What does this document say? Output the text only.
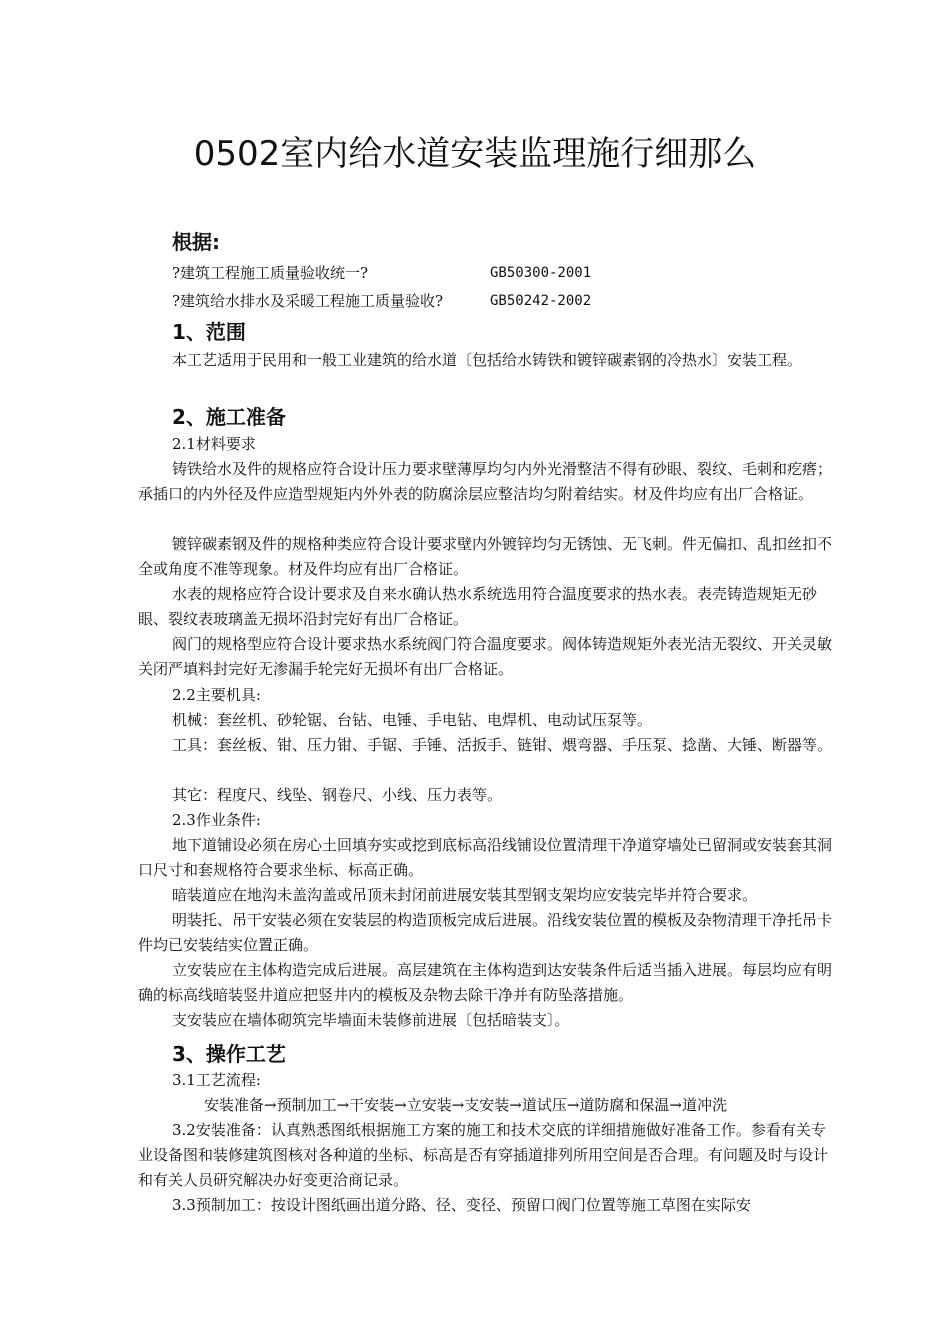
0502室内给水道安装监理施行细那么
根据:
?建筑工程施工质量验收统一?	GB50300-2001
?建筑给水排水及采暖工程施工质量验收?	GB50242-2002
1、范围
本工艺适用于民用和一般工业建筑的给水道〔包括给水铸铁和镀锌碳素钢的冷热水〕安装工程。
2、施工准备
2.1材料要求
铸铁给水及件的规格应符合设计压力要求壁薄厚均匀内外光滑整洁不得有砂眼、裂纹、毛刺和疙瘩；承插口的内外径及件应造型规矩内外外表的防腐涂层应整洁均匀附着结实。材及件均应有出厂合格证。
镀锌碳素钢及件的规格种类应符合设计要求壁内外镀锌均匀无锈蚀、无飞刺。件无偏扣、乱扣丝扣不全或角度不准等现象。材及件均应有出厂合格证。
水表的规格应符合设计要求及自来水确认热水系统选用符合温度要求的热水表。表壳铸造规矩无砂眼、裂纹表玻璃盖无损坏沿封完好有出厂合格证。
阀门的规格型应符合设计要求热水系统阀门符合温度要求。阀体铸造规矩外表光洁无裂纹、开关灵敏关闭严填料封完好无渗漏手轮完好无损坏有出厂合格证。
2.2主要机具:
机械：套丝机、砂轮锯、台钻、电锤、手电钻、电焊机、电动试压泵等。
工具：套丝板、钳、压力钳、手锯、手锤、活扳手、链钳、煨弯器、手压泵、捻凿、大锤、断器等。
其它：程度尺、线坠、钢卷尺、小线、压力表等。
2.3作业条件:
地下道铺设必须在房心土回填夯实或挖到底标高沿线铺设位置清理干净道穿墙处已留洞或安装套其洞口尺寸和套规格符合要求坐标、标高正确。
暗装道应在地沟未盖沟盖或吊顶未封闭前进展安装其型钢支架均应安装完毕并符合要求。
明装托、吊干安装必须在安装层的构造顶板完成后进展。沿线安装位置的模板及杂物清理干净托吊卡件均已安装结实位置正确。
立安装应在主体构造完成后进展。高层建筑在主体构造到达安装条件后适当插入进展。每层均应有明确的标高线暗装竖井道应把竖井内的模板及杂物去除干净并有防坠落措施。
支安装应在墙体砌筑完毕墙面未装修前进展〔包括暗装支〕。
3、操作工艺
3.1工艺流程:
安装准备→预制加工→干安装→立安装→支安装→道试压→道防腐和保温→道冲洗
3.2安装准备：认真熟悉图纸根据施工方案的施工和技术交底的详细措施做好准备工作。参看有关专业设备图和装修建筑图核对各种道的坐标、标高是否有穿插道排列所用空间是否合理。有问题及时与设计和有关人员研究解决办好变更洽商记录。
3.3预制加工：按设计图纸画出道分路、径、变径、预留口阀门位置等施工草图在实际安
